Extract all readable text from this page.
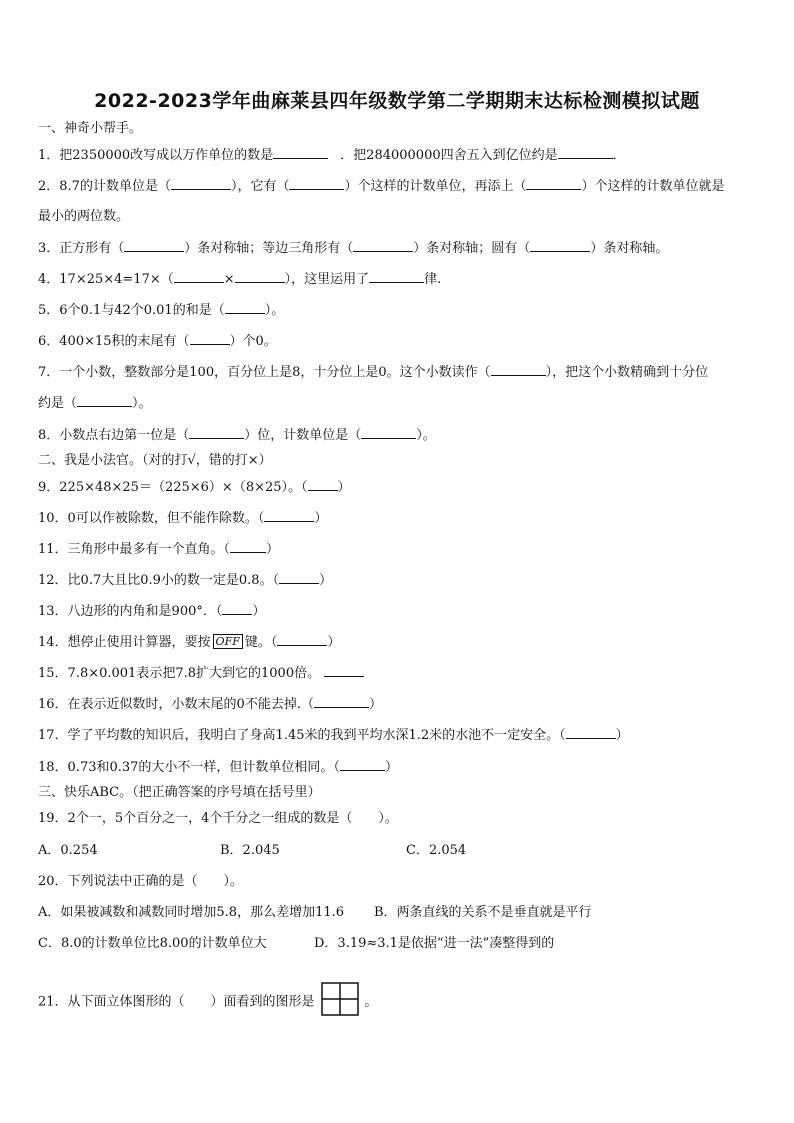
2022-2023学年曲麻莱县四年级数学第二学期期末达标检测模拟试题
一、神奇小帮手。
1．把2350000改写成以万作单位的数是	．把284000000四舍五入到亿位约是	．
2．8.7的计数单位是（	），它有（	）个这样的计数单位，再添上（	）个这样的计数单位就是
最小的两位数。
3．正方形有（	）条对称轴；等边三角形有（	）条对称轴；圆有（	）条对称轴。
4．17×25×4=17×（	×	），这里运用了	律.
5．6个0.1与42个0.01的和是（	）。
6．400×15积的末尾有（	）个0。
7．一个小数，整数部分是100，百分位上是8，十分位上是0。这个小数读作（	），把这个小数精确到十分位
约是（	）。
8．小数点右边第一位是（	）位，计数单位是（	）。
二、我是小法官。（对的打√，错的打×）
9．225×48×25＝（225×6）×（8×25）。（ ）
10．0可以作被除数，但不能作除数。（	）
11．三角形中最多有一个直角。（	）
12．比0.7大且比0.9小的数一定是0.8。（	）
13．八边形的内角和是900°．（ ）
14．想停止使用计算器，要按 OFF 键。（	）
15．7.8×0.001表示把7.8扩大到它的1000倍。
16．在表示近似数时，小数末尾的0不能去掉.（	）
17．学了平均数的知识后，我明白了身高1.45米的我到平均水深1.2米的水池不一定安全。（	）
18．0.73和0.37的大小不一样，但计数单位相同。（	）
三、快乐ABC。（把正确答案的序号填在括号里）
19．2个一，5个百分之一，4个千分之一组成的数是（　　）。
A．0.254	B．2.045	C．2.054
20．下列说法中正确的是（　　）。
A．如果被减数和减数同时增加5.8，那么差增加11.6 B．两条直线的关系不是垂直就是平行
C．8.0的计数单位比8.00的计数单位大	D．3.19≈3.1是依据“进一法”凑整得到的
21．从下面立体图形的（　　）面看到的图形是	。
